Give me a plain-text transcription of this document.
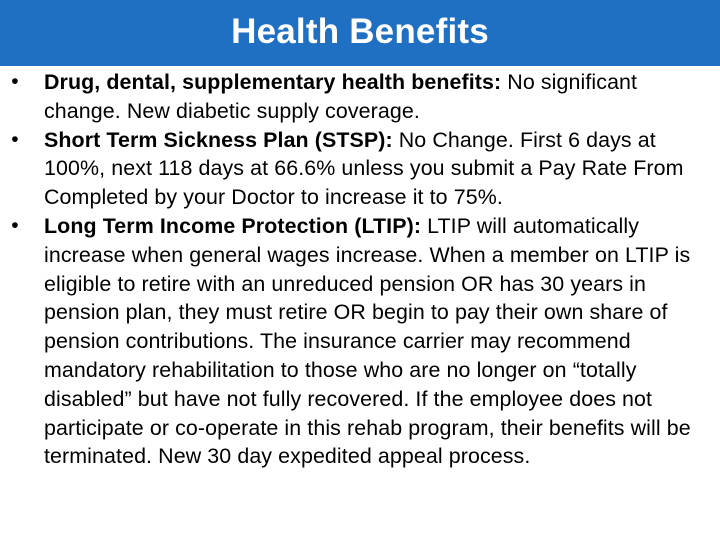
Health Benefits
• Drug, dental, supplementary health benefits: No significant change. New diabetic supply coverage.
• Short Term Sickness Plan (STSP): No Change. First 6 days at 100%, next 118 days at 66.6% unless you submit a Pay Rate From Completed by your Doctor to increase it to 75%.
• Long Term Income Protection (LTIP): LTIP will automatically increase when general wages increase. When a member on LTIP is eligible to retire with an unreduced pension OR has 30 years in pension plan, they must retire OR begin to pay their own share of pension contributions. The insurance carrier may recommend mandatory rehabilitation to those who are no longer on “totally disabled” but have not fully recovered. If the employee does not participate or co-operate in this rehab program, their benefits will be terminated. New 30 day expedited appeal process.
